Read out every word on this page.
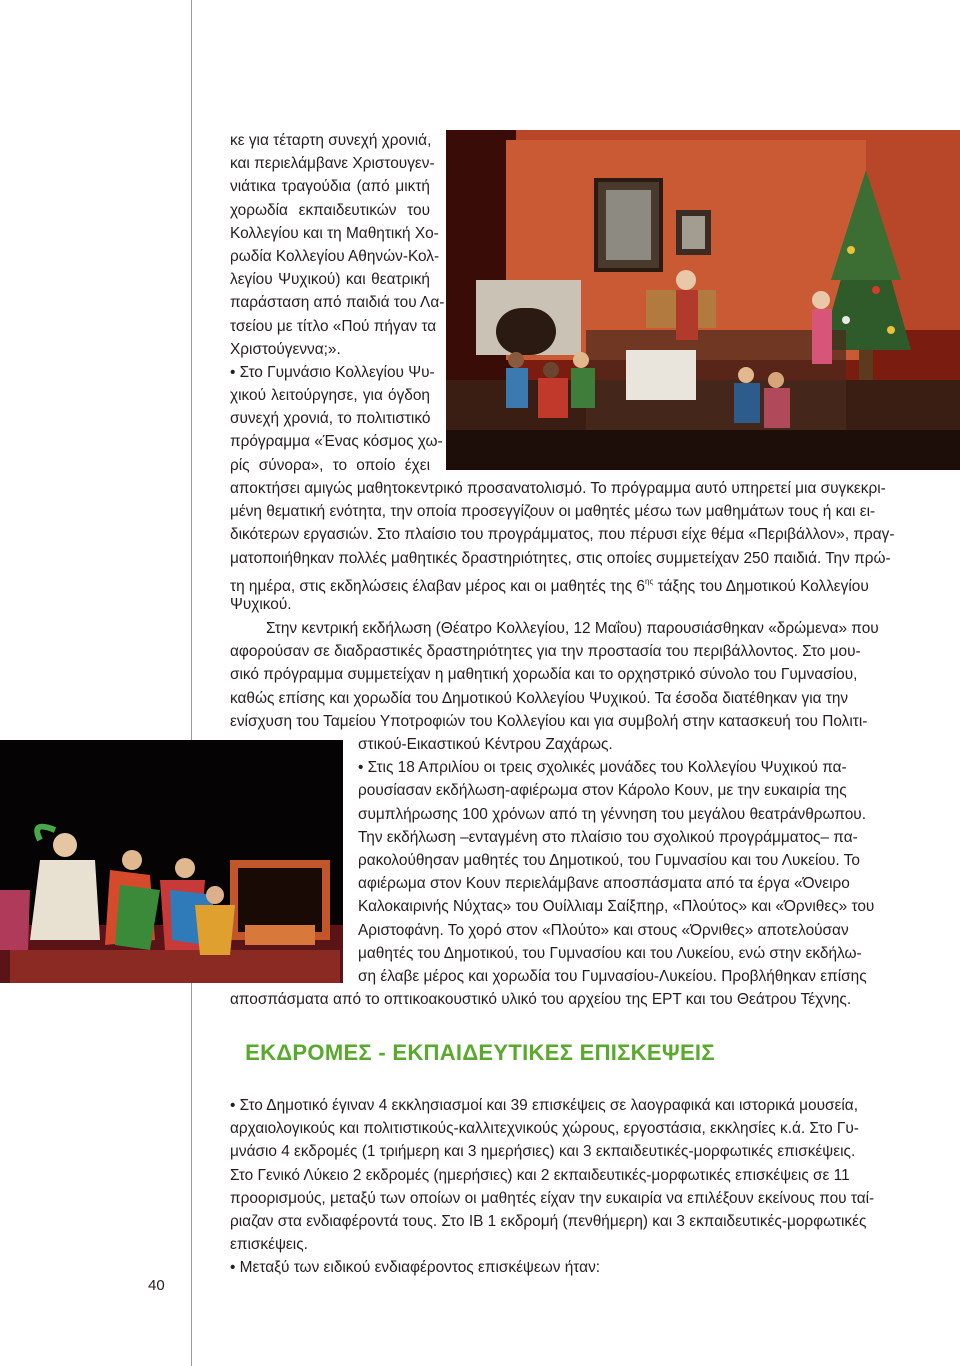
κε για τέταρτη συνεχή χρονιά,
και περιελάμβανε Χριστουγεν-
νιάτικα τραγούδια (από μικτή
χορωδία εκπαιδευτικών του
Κολλεγίου και τη Μαθητική Χο-
ρωδία Κολλεγίου Αθηνών-Κολ-
λεγίου Ψυχικού) και θεατρική
παράσταση από παιδιά του Λα-
τσείου με τίτλο «Πού πήγαν τα
Χριστούγεννα;».
• Στο Γυμνάσιο Κολλεγίου Ψυ-
χικού λειτούργησε, για όγδοη
συνεχή χρονιά, το πολιτιστικό
πρόγραμμα «Ένας κόσμος χω-
ρίς σύνορα», το οποίο έχει
αποκτήσει αμιγώς μαθητοκεντρικό προσανατολισμό. Το πρόγραμμα αυτό υπηρετεί μια συγκεκρι-
μένη θεματική ενότητα, την οποία προσεγγίζουν οι μαθητές μέσω των μαθημάτων τους ή και ει-
δικότερων εργασιών. Στο πλαίσιο του προγράμματος, που πέρυσι είχε θέμα «Περιβάλλον», πραγ-
ματοποιήθηκαν πολλές μαθητικές δραστηριότητες, στις οποίες συμμετείχαν 250 παιδιά. Την πρώ-
τη ημέρα, στις εκδηλώσεις έλαβαν μέρος και οι μαθητές της $6^{\eta\varsigma}$ τάξης του Δημοτικού Κολλεγίου
Ψυχικού.
Στην κεντρική εκδήλωση (Θέατρο Κολλεγίου, 12 Μαΐου) παρουσιάσθηκαν «δρώμενα» που
αφορούσαν σε διαδραστικές δραστηριότητες για την προστασία του περιβάλλοντος. Στο μου-
σικό πρόγραμμα συμμετείχαν η μαθητική χορωδία και το ορχηστρικό σύνολο του Γυμνασίου,
καθώς επίσης και χορωδία του Δημοτικού Κολλεγίου Ψυχικού. Τα έσοδα διατέθηκαν για την
ενίσχυση του Ταμείου Υποτροφιών του Κολλεγίου και για συμβολή στην κατασκευή του Πολιτι-
στικού-Εικαστικού Κέντρου Ζαχάρως.
• Στις 18 Απριλίου οι τρεις σχολικές μονάδες του Κολλεγίου Ψυχικού πα-
ρουσίασαν εκδήλωση-αφιέρωμα στον Κάρολο Κουν, με την ευκαιρία της
συμπλήρωσης 100 χρόνων από τη γέννηση του μεγάλου θεατράνθρωπου.
Την εκδήλωση –ενταγμένη στο πλαίσιο του σχολικού προγράμματος– πα-
ρακολούθησαν μαθητές του Δημοτικού, του Γυμνασίου και του Λυκείου. Το
αφιέρωμα στον Κουν περιελάμβανε αποσπάσματα από τα έργα «Όνειρο
Καλοκαιρινής Νύχτας» του Ουίλλιαμ Σαίξπηρ, «Πλούτος» και «Όρνιθες» του
Αριστοφάνη. Το χορό στον «Πλούτο» και στους «Όρνιθες» αποτελούσαν
μαθητές του Δημοτικού, του Γυμνασίου και του Λυκείου, ενώ στην εκδήλω-
ση έλαβε μέρος και χορωδία του Γυμνασίου-Λυκείου. Προβλήθηκαν επίσης
αποσπάσματα από το οπτικοακουστικό υλικό του αρχείου της ΕΡΤ και του Θεάτρου Τέχνης.
ΕΚΔΡΟΜΕΣ - ΕΚΠΑΙΔΕΥΤΙΚΕΣ ΕΠΙΣΚΕΨΕΙΣ
• Στο Δημοτικό έγιναν 4 εκκλησιασμοί και 39 επισκέψεις σε λαογραφικά και ιστορικά μουσεία,
αρχαιολογικούς και πολιτιστικούς-καλλιτεχνικούς χώρους, εργοστάσια, εκκλησίες κ.ά. Στο Γυ-
μνάσιο 4 εκδρομές (1 τριήμερη και 3 ημερήσιες) και 3 εκπαιδευτικές-μορφωτικές επισκέψεις.
Στο Γενικό Λύκειο 2 εκδρομές (ημερήσιες) και 2 εκπαιδευτικές-μορφωτικές επισκέψεις σε 11
προορισμούς, μεταξύ των οποίων οι μαθητές είχαν την ευκαιρία να επιλέξουν εκείνους που ταί-
ριαζαν στα ενδιαφέροντά τους. Στο ΙΒ 1 εκδρομή (πενθήμερη) και 3 εκπαιδευτικές-μορφωτικές
επισκέψεις.
• Μεταξύ των ειδικού ενδιαφέροντος επισκέψεων ήταν:
40
